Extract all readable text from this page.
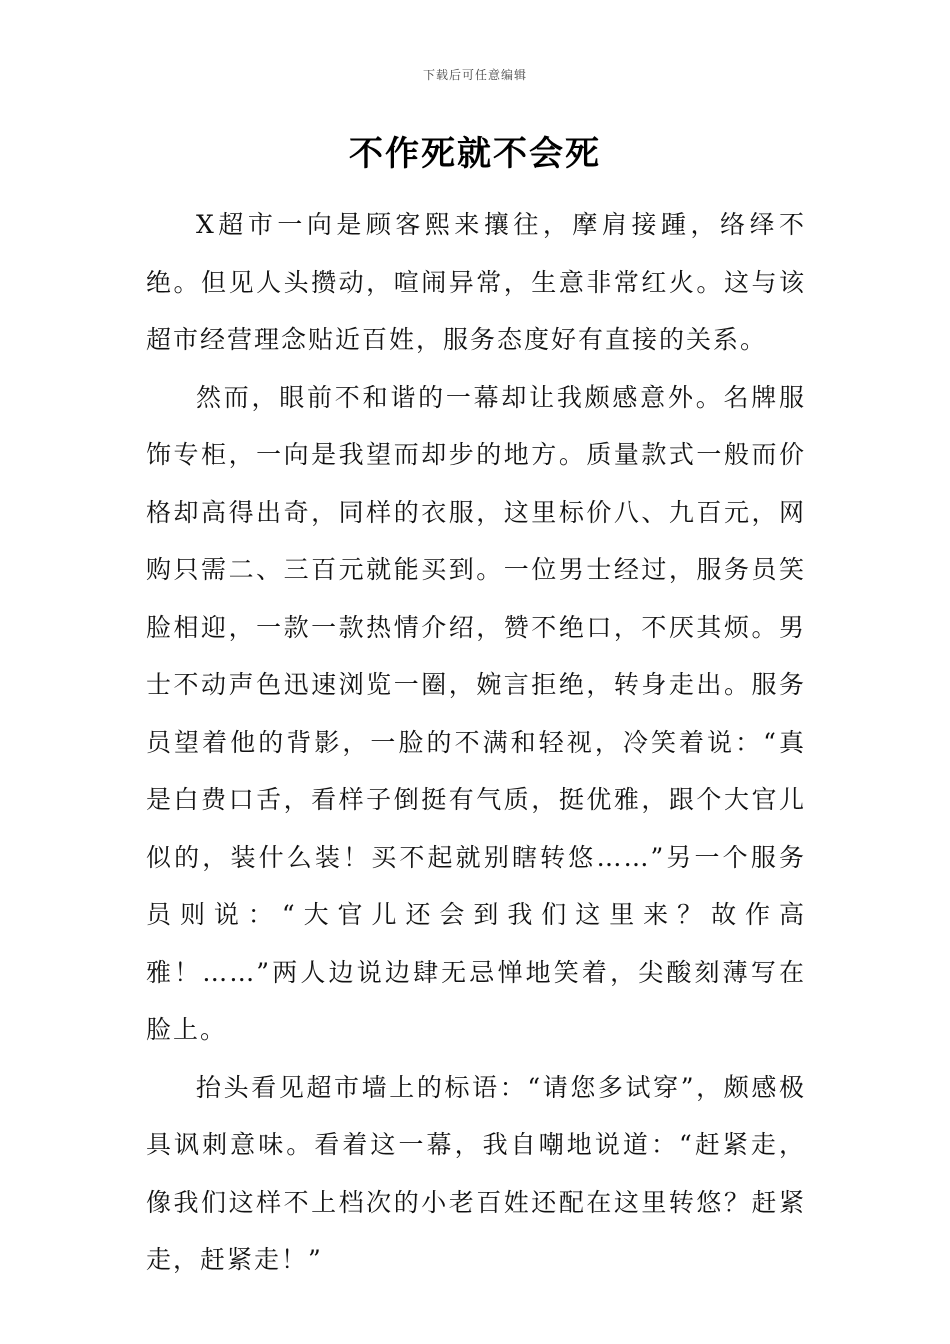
下载后可任意编辑
不作死就不会死

X超市一向是顾客熙来攘往，摩肩接踵，络绎不绝。但见人头攒动，喧闹异常，生意非常红火。这与该超市经营理念贴近百姓，服务态度好有直接的关系。

然而，眼前不和谐的一幕却让我颇感意外。名牌服饰专柜，一向是我望而却步的地方。质量款式一般而价格却高得出奇，同样的衣服，这里标价八、九百元，网购只需二、三百元就能买到。一位男士经过，服务员笑脸相迎，一款一款热情介绍，赞不绝口，不厌其烦。男士不动声色迅速浏览一圈，婉言拒绝，转身走出。服务员望着他的背影，一脸的不满和轻视，冷笑着说：“真是白费口舌，看样子倒挺有气质，挺优雅，跟个大官儿似的，装什么装！买不起就别瞎转悠……”另一个服务员则说：“大官儿还会到我们这里来？故作高雅！……”两人边说边肆无忌惮地笑着，尖酸刻薄写在脸上。

抬头看见超市墙上的标语：“请您多试穿”，颇感极具讽刺意味。看着这一幕，我自嘲地说道：“赶紧走，像我们这样不上档次的小老百姓还配在这里转悠？赶紧走，赶紧走！”
